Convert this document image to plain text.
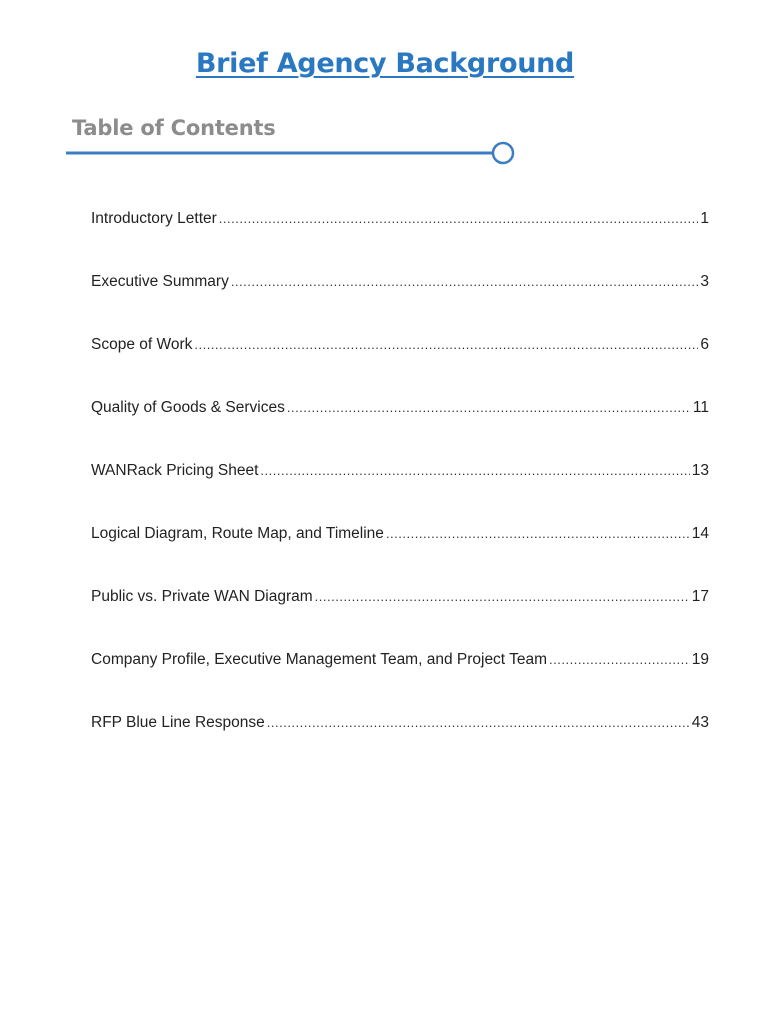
Brief Agency Background
Table of Contents
Introductory Letter .....	1
Executive Summary .....	3
Scope of Work .....	6
Quality of Goods & Services .....	11
WANRack Pricing Sheet .....	13
Logical Diagram, Route Map, and Timeline .....	14
Public vs. Private WAN Diagram .....	17
Company Profile, Executive Management Team, and Project Team .....	19
RFP Blue Line Response .....	43
